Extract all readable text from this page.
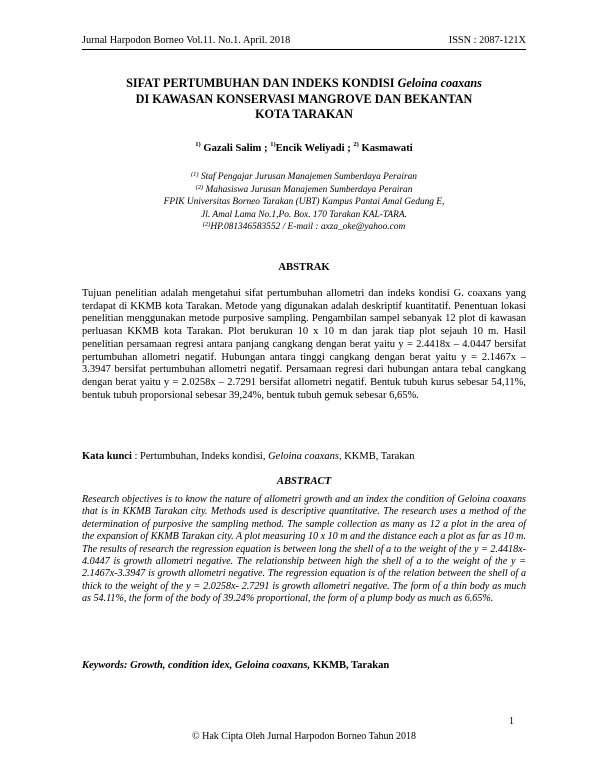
Jurnal Harpodon Borneo Vol.11. No.1. April. 2018	ISSN : 2087-121X
SIFAT PERTUMBUHAN DAN INDEKS KONDISI Geloina coaxans
DI KAWASAN KONSERVASI MANGROVE DAN BEKANTAN
KOTA TARAKAN
$^{1)}$ Gazali Salim ; $^{1)}$Encik Weliyadi ; $^{2)}$ Kasmawati
$^{(1)}$ Staf Pengajar Jurusan Manajemen Sumberdaya Perairan
$^{(2)}$ Mahasiswa Jurusan Manajemen Sumberdaya Perairan
FPIK Universitas Borneo Tarakan (UBT) Kampus Pantai Amal Gedung E,
Jl. Amal Lama No.1,Po. Box. 170 Tarakan KAL-TARA.
$^{(2)}$HP.081346583552 / E-mail : axza_oke@yahoo.com
ABSTRAK

Tujuan penelitian adalah mengetahui sifat pertumbuhan allometri dan indeks kondisi G. coaxans yang terdapat di KKMB kota Tarakan. Metode yang digunakan adalah deskriptif kuantitatif. Penentuan lokasi penelitian menggunakan metode purposive sampling. Pengambilan sampel sebanyak 12 plot di kawasan perluasan KKMB kota Tarakan. Plot berukuran 10 x 10 m dan jarak tiap plot sejauh 10 m. Hasil penelitian persamaan regresi antara panjang cangkang dengan berat yaitu y = 2.4418x – 4.0447 bersifat pertumbuhan allometri negatif. Hubungan antara tinggi cangkang dengan berat yaitu y = 2.1467x – 3.3947 bersifat pertumbuhan allometri negatif. Persamaan regresi dari hubungan antara tebal cangkang dengan berat yaitu y = 2.0258x – 2.7291 bersifat allometri negatif. Bentuk tubuh kurus sebesar 54,11%, bentuk tubuh proporsional sebesar 39,24%, bentuk tubuh gemuk sebesar 6,65%.

Kata kunci : Pertumbuhan, Indeks kondisi, Geloina coaxans, KKMB, Tarakan
ABSTRACT

Research objectives is to know the nature of allometri growth and an index the condition of Geloina coaxans that is in KKMB Tarakan city. Methods used is descriptive quantitative. The research uses a method of the determination of purposive the sampling method. The sample collection as many as 12 a plot in the area of the expansion of KKMB Tarakan city. A plot measuring 10 x 10 m and the distance each a plot as far as 10 m. The results of research the regression equation is between long the shell of a to the weight of the y = 2.4418x-4.0447 is growth allometri negative. The relationship between high the shell of a to the weight of the y = 2.1467x-3.3947 is growth allometri negative. The regression equation is of the relation between the shell of a thick to the weight of the y = 2.0258x- 2.7291 is growth allometri negative. The form of a thin body as much as 54.11%, the form of the body of 39.24% proportional, the form of a plump body as much as 6.65%.

Keywords: Growth, condition idex, Geloina coaxans, KKMB, Tarakan
1
© Hak Cipta Oleh Jurnal Harpodon Borneo Tahun 2018
